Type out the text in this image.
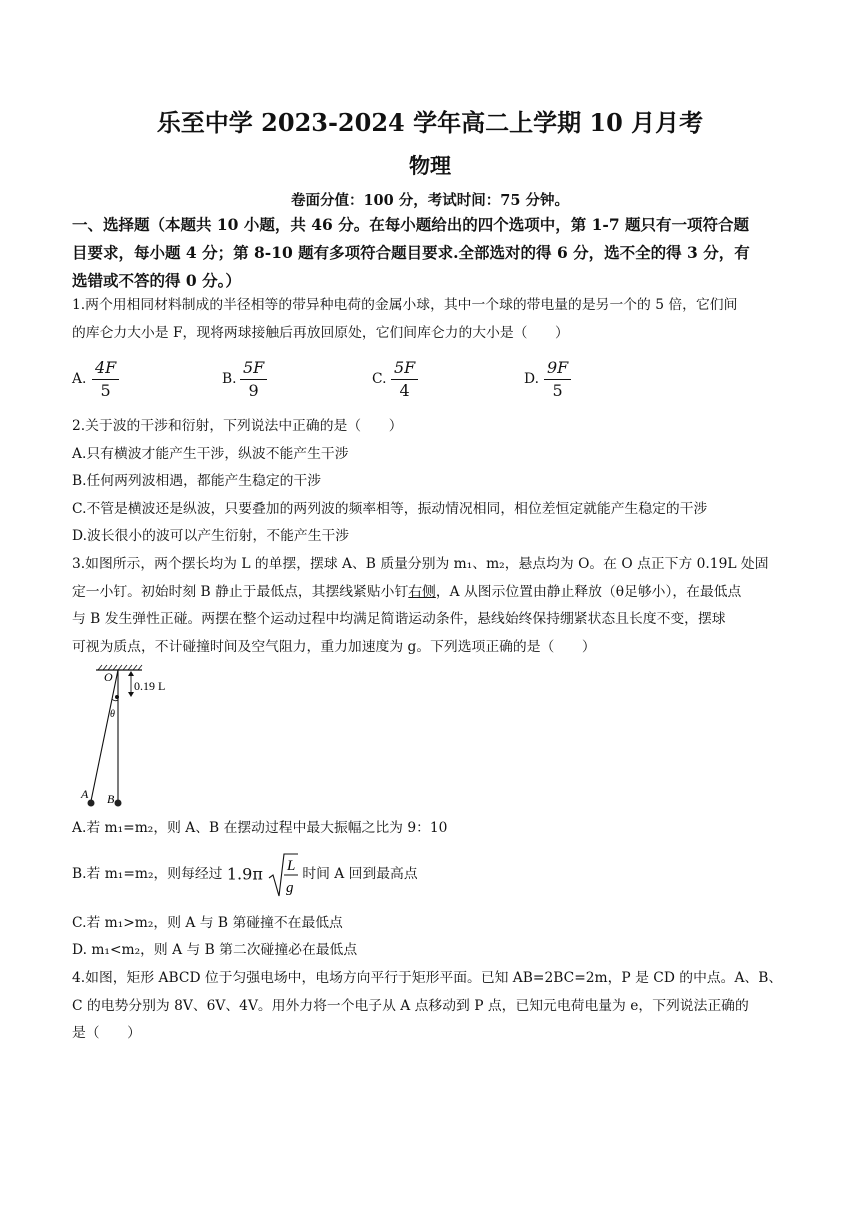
乐至中学 2023-2024 学年高二上学期 10 月月考
物理
卷面分值：100 分，考试时间：75 分钟。
一、选择题（本题共 10 小题，共 46 分。在每小题给出的四个选项中，第 1-7 题只有一项符合题
目要求，每小题 4 分；第 8-10 题有多项符合题目要求.全部选对的得 6 分，选不全的得 3 分，有
选错或不答的得 0 分。）
1.两个用相同材料制成的半径相等的带异种电荷的金属小球，其中一个球的带电量的是另一个的 5 倍，它们间
的库仑力大小是 F，现将两球接触后再放回原处，它们间库仑力的大小是（　　）
A. $\frac{4F}{5}$	B. $\frac{5F}{9}$	C. $\frac{5F}{4}$	D. $\frac{9F}{5}$
2.关于波的干涉和衍射，下列说法中正确的是（　　）
A.只有横波才能产生干涉，纵波不能产生干涉
B.任何两列波相遇，都能产生稳定的干涉
C.不管是横波还是纵波，只要叠加的两列波的频率相等，振动情况相同，相位差恒定就能产生稳定的干涉
D.波长很小的波可以产生衍射，不能产生干涉
3.如图所示，两个摆长均为 L 的单摆，摆球 A、B 质量分别为 m₁、m₂，悬点均为 O。在 O 点正下方 0.19L 处固
定一小钉。初始时刻 B 静止于最低点，其摆线紧贴小钉右侧，A 从图示位置由静止释放（θ足够小），在最低点
与 B 发生弹性正碰。两摆在整个运动过程中均满足简谐运动条件，悬线始终保持绷紧状态且长度不变，摆球
可视为质点，不计碰撞时间及空气阻力，重力加速度为 g。下列选项正确的是（　　）
O
0.19 L
θ
A B
A.若 m₁=m₂，则 A、B 在摆动过程中最大振幅之比为 9：10
B.若 m₁=m₂，则每经过 1.9π L
g
时间 A 回到最高点
C.若 m₁>m₂，则 A 与 B 第碰撞不在最低点
D. m₁<m₂，则 A 与 B 第二次碰撞必在最低点
4.如图，矩形 ABCD 位于匀强电场中，电场方向平行于矩形平面。已知 AB=2BC=2m，P 是 CD 的中点。A、B、
C 的电势分别为 8V、6V、4V。用外力将一个电子从 A 点移动到 P 点，已知元电荷电量为 e，下列说法正确的
是（　　）
